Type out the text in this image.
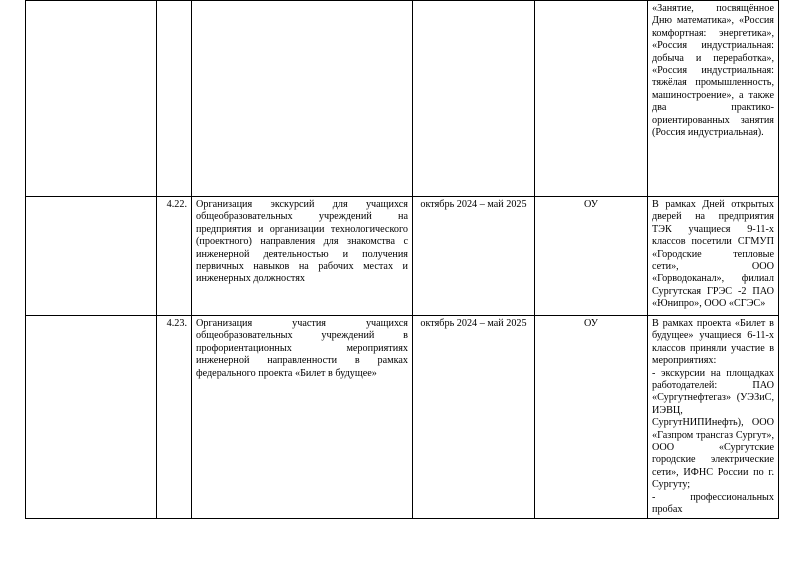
					«Занятие, посвящённое Дню математика», «Россия комфортная: энергетика», «Россия индустриальная: добыча и переработка», «Россия индустриальная: тяжёлая промышленность, машиностроение», а также два практико-ориентированных занятия (Россия индустриальная).

	4.22.	Организация экскурсий для учащихся общеобразовательных учреждений на предприятия и организации технологического (проектного) направления для знакомства с инженерной деятельностью и получения первичных навыков на рабочих местах и инженерных должностях	октябрь 2024 – май 2025	ОУ	В рамках Дней открытых дверей на предприятия ТЭК учащиеся 9-11-х классов посетили СГМУП «Городские тепловые сети», ООО «Горводоканал», филиал Сургутская ГРЭС -2 ПАО «Юнипро», ООО «СГЭС»

	4.23.	Организация участия учащихся общеобразовательных учреждений в профориентационных мероприятиях инженерной направленности в рамках федерального проекта «Билет в будущее»	октябрь 2024 – май 2025	ОУ	В рамках проекта «Билет в будущее» учащиеся 6-11-х классов приняли участие в мероприятиях:
- экскурсии на площадках работодателей: ПАО «Сургутнефтегаз» (УЭЗиС, ИЭВЦ, СургутНИПИнефть), ООО «Газпром трансгаз Сургут», ООО «Сургутские городские электрические сети», ИФНС России по г. Сургуту;
- профессиональных пробах
